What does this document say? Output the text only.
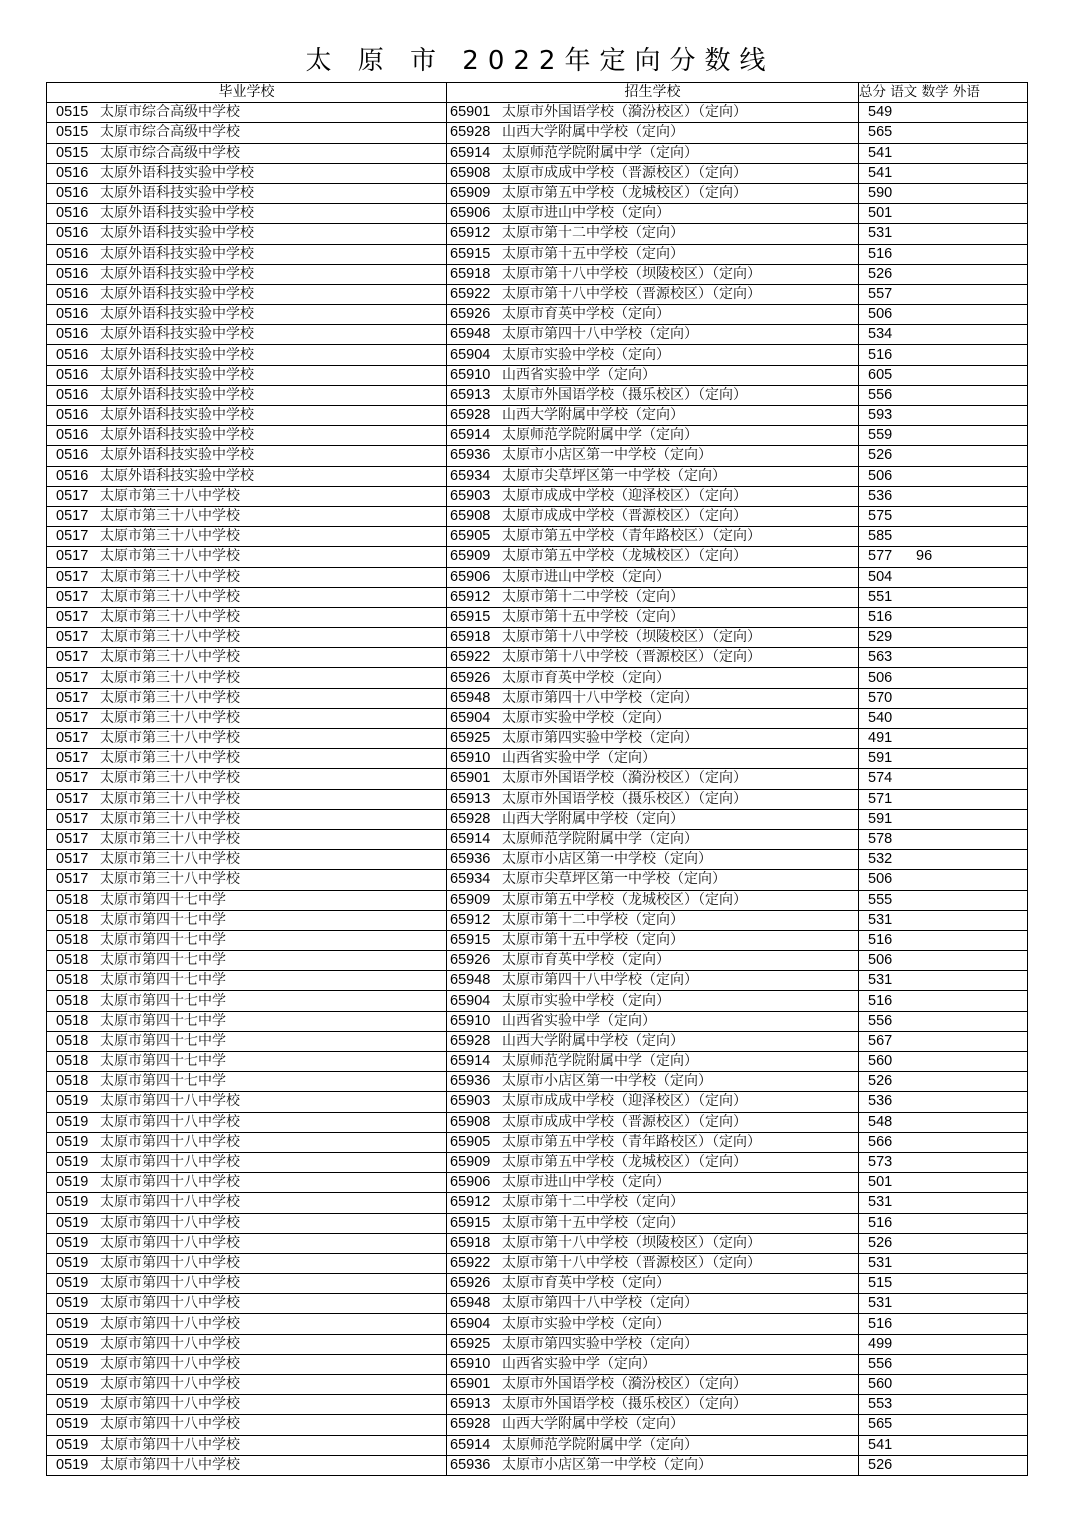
太 原 市 2022年定向分数线
毕业学校	招生学校	总分 语文 数学 外语
0515 太原市综合高级中学校	65901 太原市外国语学校（漪汾校区）（定向）	549
0515 太原市综合高级中学校	65928 山西大学附属中学校（定向）	565
0515 太原市综合高级中学校	65914 太原师范学院附属中学（定向）	541
0516 太原外语科技实验中学校	65908 太原市成成中学校（晋源校区）（定向）	541
0516 太原外语科技实验中学校	65909 太原市第五中学校（龙城校区）（定向）	590
0516 太原外语科技实验中学校	65906 太原市进山中学校（定向）	501
0516 太原外语科技实验中学校	65912 太原市第十二中学校（定向）	531
0516 太原外语科技实验中学校	65915 太原市第十五中学校（定向）	516
0516 太原外语科技实验中学校	65918 太原市第十八中学校（坝陵校区）（定向）	526
0516 太原外语科技实验中学校	65922 太原市第十八中学校（晋源校区）（定向）	557
0516 太原外语科技实验中学校	65926 太原市育英中学校（定向）	506
0516 太原外语科技实验中学校	65948 太原市第四十八中学校（定向）	534
0516 太原外语科技实验中学校	65904 太原市实验中学校（定向）	516
0516 太原外语科技实验中学校	65910 山西省实验中学（定向）	605
0516 太原外语科技实验中学校	65913 太原市外国语学校（摄乐校区）（定向）	556
0516 太原外语科技实验中学校	65928 山西大学附属中学校（定向）	593
0516 太原外语科技实验中学校	65914 太原师范学院附属中学（定向）	559
0516 太原外语科技实验中学校	65936 太原市小店区第一中学校（定向）	526
0516 太原外语科技实验中学校	65934 太原市尖草坪区第一中学校（定向）	506
0517 太原市第三十八中学校	65903 太原市成成中学校（迎泽校区）（定向）	536
0517 太原市第三十八中学校	65908 太原市成成中学校（晋源校区）（定向）	575
0517 太原市第三十八中学校	65905 太原市第五中学校（青年路校区）（定向）	585
0517 太原市第三十八中学校	65909 太原市第五中学校（龙城校区）（定向）	577 96
0517 太原市第三十八中学校	65906 太原市进山中学校（定向）	504
0517 太原市第三十八中学校	65912 太原市第十二中学校（定向）	551
0517 太原市第三十八中学校	65915 太原市第十五中学校（定向）	516
0517 太原市第三十八中学校	65918 太原市第十八中学校（坝陵校区）（定向）	529
0517 太原市第三十八中学校	65922 太原市第十八中学校（晋源校区）（定向）	563
0517 太原市第三十八中学校	65926 太原市育英中学校（定向）	506
0517 太原市第三十八中学校	65948 太原市第四十八中学校（定向）	570
0517 太原市第三十八中学校	65904 太原市实验中学校（定向）	540
0517 太原市第三十八中学校	65925 太原市第四实验中学校（定向）	491
0517 太原市第三十八中学校	65910 山西省实验中学（定向）	591
0517 太原市第三十八中学校	65901 太原市外国语学校（漪汾校区）（定向）	574
0517 太原市第三十八中学校	65913 太原市外国语学校（摄乐校区）（定向）	571
0517 太原市第三十八中学校	65928 山西大学附属中学校（定向）	591
0517 太原市第三十八中学校	65914 太原师范学院附属中学（定向）	578
0517 太原市第三十八中学校	65936 太原市小店区第一中学校（定向）	532
0517 太原市第三十八中学校	65934 太原市尖草坪区第一中学校（定向）	506
0518 太原市第四十七中学	65909 太原市第五中学校（龙城校区）（定向）	555
0518 太原市第四十七中学	65912 太原市第十二中学校（定向）	531
0518 太原市第四十七中学	65915 太原市第十五中学校（定向）	516
0518 太原市第四十七中学	65926 太原市育英中学校（定向）	506
0518 太原市第四十七中学	65948 太原市第四十八中学校（定向）	531
0518 太原市第四十七中学	65904 太原市实验中学校（定向）	516
0518 太原市第四十七中学	65910 山西省实验中学（定向）	556
0518 太原市第四十七中学	65928 山西大学附属中学校（定向）	567
0518 太原市第四十七中学	65914 太原师范学院附属中学（定向）	560
0518 太原市第四十七中学	65936 太原市小店区第一中学校（定向）	526
0519 太原市第四十八中学校	65903 太原市成成中学校（迎泽校区）（定向）	536
0519 太原市第四十八中学校	65908 太原市成成中学校（晋源校区）（定向）	548
0519 太原市第四十八中学校	65905 太原市第五中学校（青年路校区）（定向）	566
0519 太原市第四十八中学校	65909 太原市第五中学校（龙城校区）（定向）	573
0519 太原市第四十八中学校	65906 太原市进山中学校（定向）	501
0519 太原市第四十八中学校	65912 太原市第十二中学校（定向）	531
0519 太原市第四十八中学校	65915 太原市第十五中学校（定向）	516
0519 太原市第四十八中学校	65918 太原市第十八中学校（坝陵校区）（定向）	526
0519 太原市第四十八中学校	65922 太原市第十八中学校（晋源校区）（定向）	531
0519 太原市第四十八中学校	65926 太原市育英中学校（定向）	515
0519 太原市第四十八中学校	65948 太原市第四十八中学校（定向）	531
0519 太原市第四十八中学校	65904 太原市实验中学校（定向）	516
0519 太原市第四十八中学校	65925 太原市第四实验中学校（定向）	499
0519 太原市第四十八中学校	65910 山西省实验中学（定向）	556
0519 太原市第四十八中学校	65901 太原市外国语学校（漪汾校区）（定向）	560
0519 太原市第四十八中学校	65913 太原市外国语学校（摄乐校区）（定向）	553
0519 太原市第四十八中学校	65928 山西大学附属中学校（定向）	565
0519 太原市第四十八中学校	65914 太原师范学院附属中学（定向）	541
0519 太原市第四十八中学校	65936 太原市小店区第一中学校（定向）	526
